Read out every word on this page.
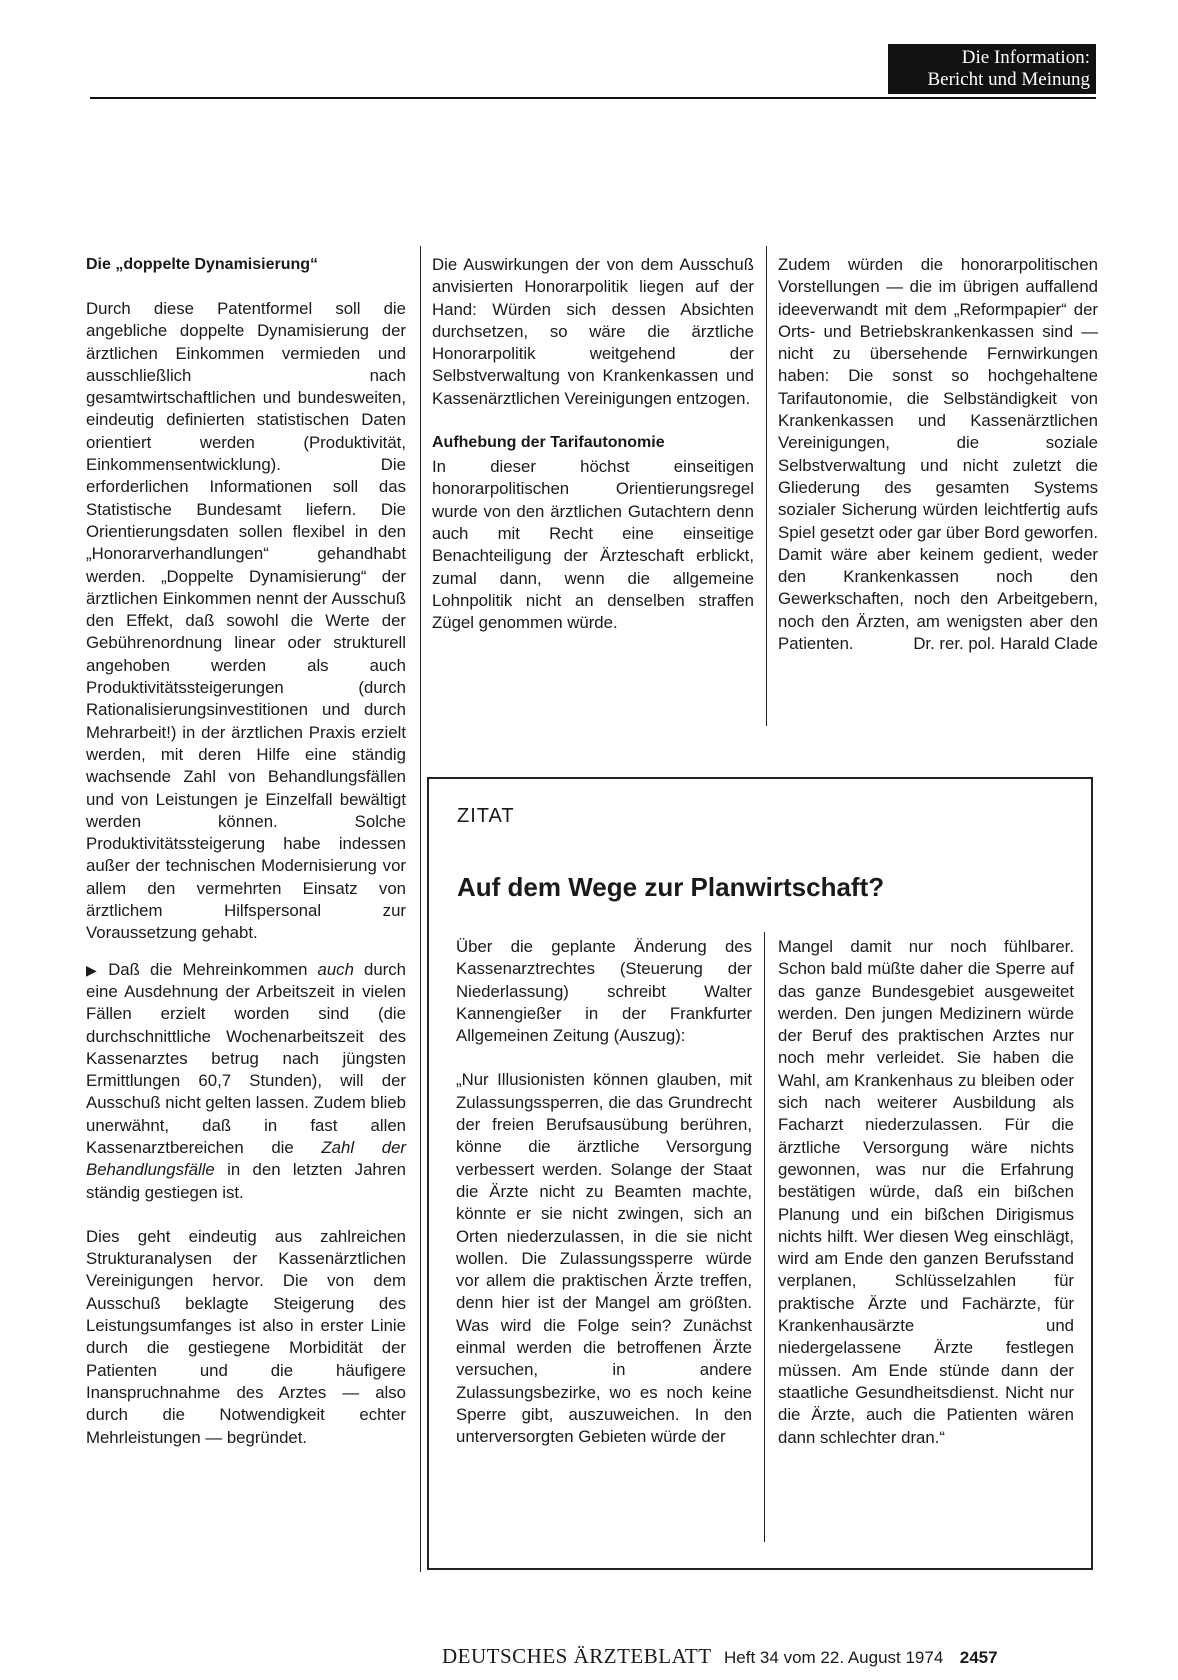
Die Information:
Bericht und Meinung
Die „doppelte Dynamisierung“

Durch diese Patentformel soll die angebliche doppelte Dynamisierung der ärztlichen Einkommen vermieden und ausschließlich nach gesamtwirtschaftlichen und bundesweiten, eindeutig definierten statistischen Daten orientiert werden (Produktivität, Einkommensentwicklung). Die erforderlichen Informationen soll das Statistische Bundesamt liefern. Die Orientierungsdaten sollen flexibel in den „Honorarverhandlungen“ gehandhabt werden. „Doppelte Dynamisierung“ der ärztlichen Einkommen nennt der Ausschuß den Effekt, daß sowohl die Werte der Gebührenordnung linear oder strukturell angehoben werden als auch Produktivitätssteigerungen (durch Rationalisierungsinvestitionen und durch Mehrarbeit!) in der ärztlichen Praxis erzielt werden, mit deren Hilfe eine ständig wachsende Zahl von Behandlungsfällen und von Leistungen je Einzelfall bewältigt werden können. Solche Produktivitätssteigerung habe indessen außer der technischen Modernisierung vor allem den vermehrten Einsatz von ärztlichem Hilfspersonal zur Voraussetzung gehabt.

▶ Daß die Mehreinkommen auch durch eine Ausdehnung der Arbeitszeit in vielen Fällen erzielt worden sind (die durchschnittliche Wochenarbeitszeit des Kassenarztes betrug nach jüngsten Ermittlungen 60,7 Stunden), will der Ausschuß nicht gelten lassen. Zudem blieb unerwähnt, daß in fast allen Kassenarztbereichen die Zahl der Behandlungsfälle in den letzten Jahren ständig gestiegen ist.

Dies geht eindeutig aus zahlreichen Strukturanalysen der Kassenärztlichen Vereinigungen hervor. Die von dem Ausschuß beklagte Steigerung des Leistungsumfanges ist also in erster Linie durch die gestiegene Morbidität der Patienten und die häufigere Inanspruchnahme des Arztes — also durch die Notwendigkeit echter Mehrleistungen — begründet.

Die Auswirkungen der von dem Ausschuß anvisierten Honorarpolitik liegen auf der Hand: Würden sich dessen Absichten durchsetzen, so wäre die ärztliche Honorarpolitik weitgehend der Selbstverwaltung von Krankenkassen und Kassenärztlichen Vereinigungen entzogen.

Aufhebung der Tarifautonomie

In dieser höchst einseitigen honorarpolitischen Orientierungsregel wurde von den ärztlichen Gutachtern denn auch mit Recht eine einseitige Benachteiligung der Ärzteschaft erblickt, zumal dann, wenn die allgemeine Lohnpolitik nicht an denselben straffen Zügel genommen würde.

Zudem würden die honorarpolitischen Vorstellungen — die im übrigen auffallend ideeverwandt mit dem „Reformpapier“ der Orts- und Betriebskrankenkassen sind — nicht zu übersehende Fernwirkungen haben: Die sonst so hochgehaltene Tarifautonomie, die Selbständigkeit von Krankenkassen und Kassenärztlichen Vereinigungen, die soziale Selbstverwaltung und nicht zuletzt die Gliederung des gesamten Systems sozialer Sicherung würden leichtfertig aufs Spiel gesetzt oder gar über Bord geworfen. Damit wäre aber keinem gedient, weder den Krankenkassen noch den Gewerkschaften, noch den Arbeitgebern, noch den Ärzten, am wenigsten aber den Patienten.	Dr. rer. pol. Harald Clade

ZITAT
Auf dem Wege zur Planwirtschaft?

Über die geplante Änderung des Kassenarztrechtes (Steuerung der Niederlassung) schreibt Walter Kannengießer in der Frankfurter Allgemeinen Zeitung (Auszug):

„Nur Illusionisten können glauben, mit Zulassungssperren, die das Grundrecht der freien Berufsausübung berühren, könne die ärztliche Versorgung verbessert werden. Solange der Staat die Ärzte nicht zu Beamten machte, könnte er sie nicht zwingen, sich an Orten niederzulassen, in die sie nicht wollen. Die Zulassungssperre würde vor allem die praktischen Ärzte treffen, denn hier ist der Mangel am größten. Was wird die Folge sein? Zunächst einmal werden die betroffenen Ärzte versuchen, in andere Zulassungsbezirke, wo es noch keine Sperre gibt, auszuweichen. In den unterversorgten Gebieten würde der

Mangel damit nur noch fühlbarer. Schon bald müßte daher die Sperre auf das ganze Bundesgebiet ausgeweitet werden. Den jungen Medizinern würde der Beruf des praktischen Arztes nur noch mehr verleidet. Sie haben die Wahl, am Krankenhaus zu bleiben oder sich nach weiterer Ausbildung als Facharzt niederzulassen. Für die ärztliche Versorgung wäre nichts gewonnen, was nur die Erfahrung bestätigen würde, daß ein bißchen Planung und ein bißchen Dirigismus nichts hilft. Wer diesen Weg einschlägt, wird am Ende den ganzen Berufsstand verplanen, Schlüsselzahlen für praktische Ärzte und Fachärzte, für Krankenhausärzte und niedergelassene Ärzte festlegen müssen. Am Ende stünde dann der staatliche Gesundheitsdienst. Nicht nur die Ärzte, auch die Patienten wären dann schlechter dran.“

DEUTSCHES ÄRZTEBLATT Heft 34 vom 22. August 1974 2457
